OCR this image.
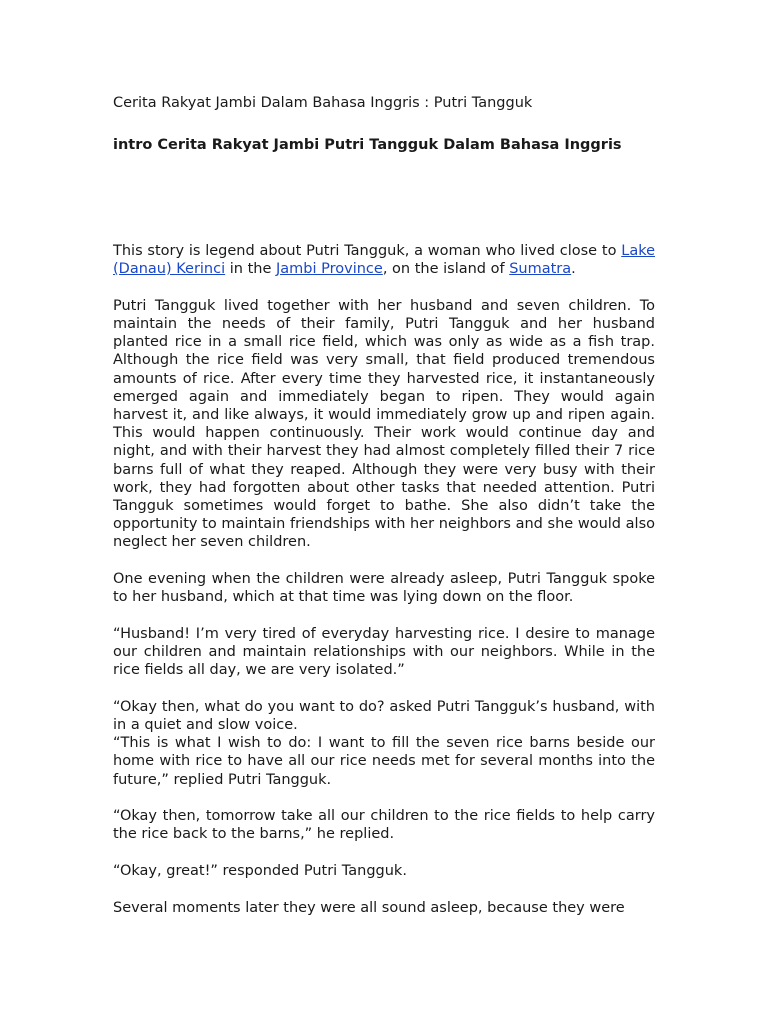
Cerita Rakyat Jambi Dalam Bahasa Inggris : Putri Tangguk
intro Cerita Rakyat Jambi Putri Tangguk Dalam Bahasa Inggris

This story is legend about Putri Tangguk, a woman who lived close to Lake (Danau) Kerinci in the Jambi Province, on the island of Sumatra.

Putri Tangguk lived together with her husband and seven children. To maintain the needs of their family, Putri Tangguk and her husband planted rice in a small rice field, which was only as wide as a fish trap. Although the rice field was very small, that field produced tremendous amounts of rice. After every time they harvested rice, it instantaneously emerged again and immediately began to ripen. They would again harvest it, and like always, it would immediately grow up and ripen again. This would happen continuously. Their work would continue day and night, and with their harvest they had almost completely filled their 7 rice barns full of what they reaped. Although they were very busy with their work, they had forgotten about other tasks that needed attention. Putri Tangguk sometimes would forget to bathe. She also didn’t take the opportunity to maintain friendships with her neighbors and she would also neglect her seven children.

One evening when the children were already asleep, Putri Tangguk spoke to her husband, which at that time was lying down on the floor.

“Husband! I’m very tired of everyday harvesting rice. I desire to manage our children and maintain relationships with our neighbors. While in the rice fields all day, we are very isolated.”

“Okay then, what do you want to do? asked Putri Tangguk’s husband, with in a quiet and slow voice.

“This is what I wish to do: I want to fill the seven rice barns beside our home with rice to have all our rice needs met for several months into the future,” replied Putri Tangguk.

“Okay then, tomorrow take all our children to the rice fields to help carry the rice back to the barns,” he replied.

“Okay, great!” responded Putri Tangguk.

Several moments later they were all sound asleep, because they were
